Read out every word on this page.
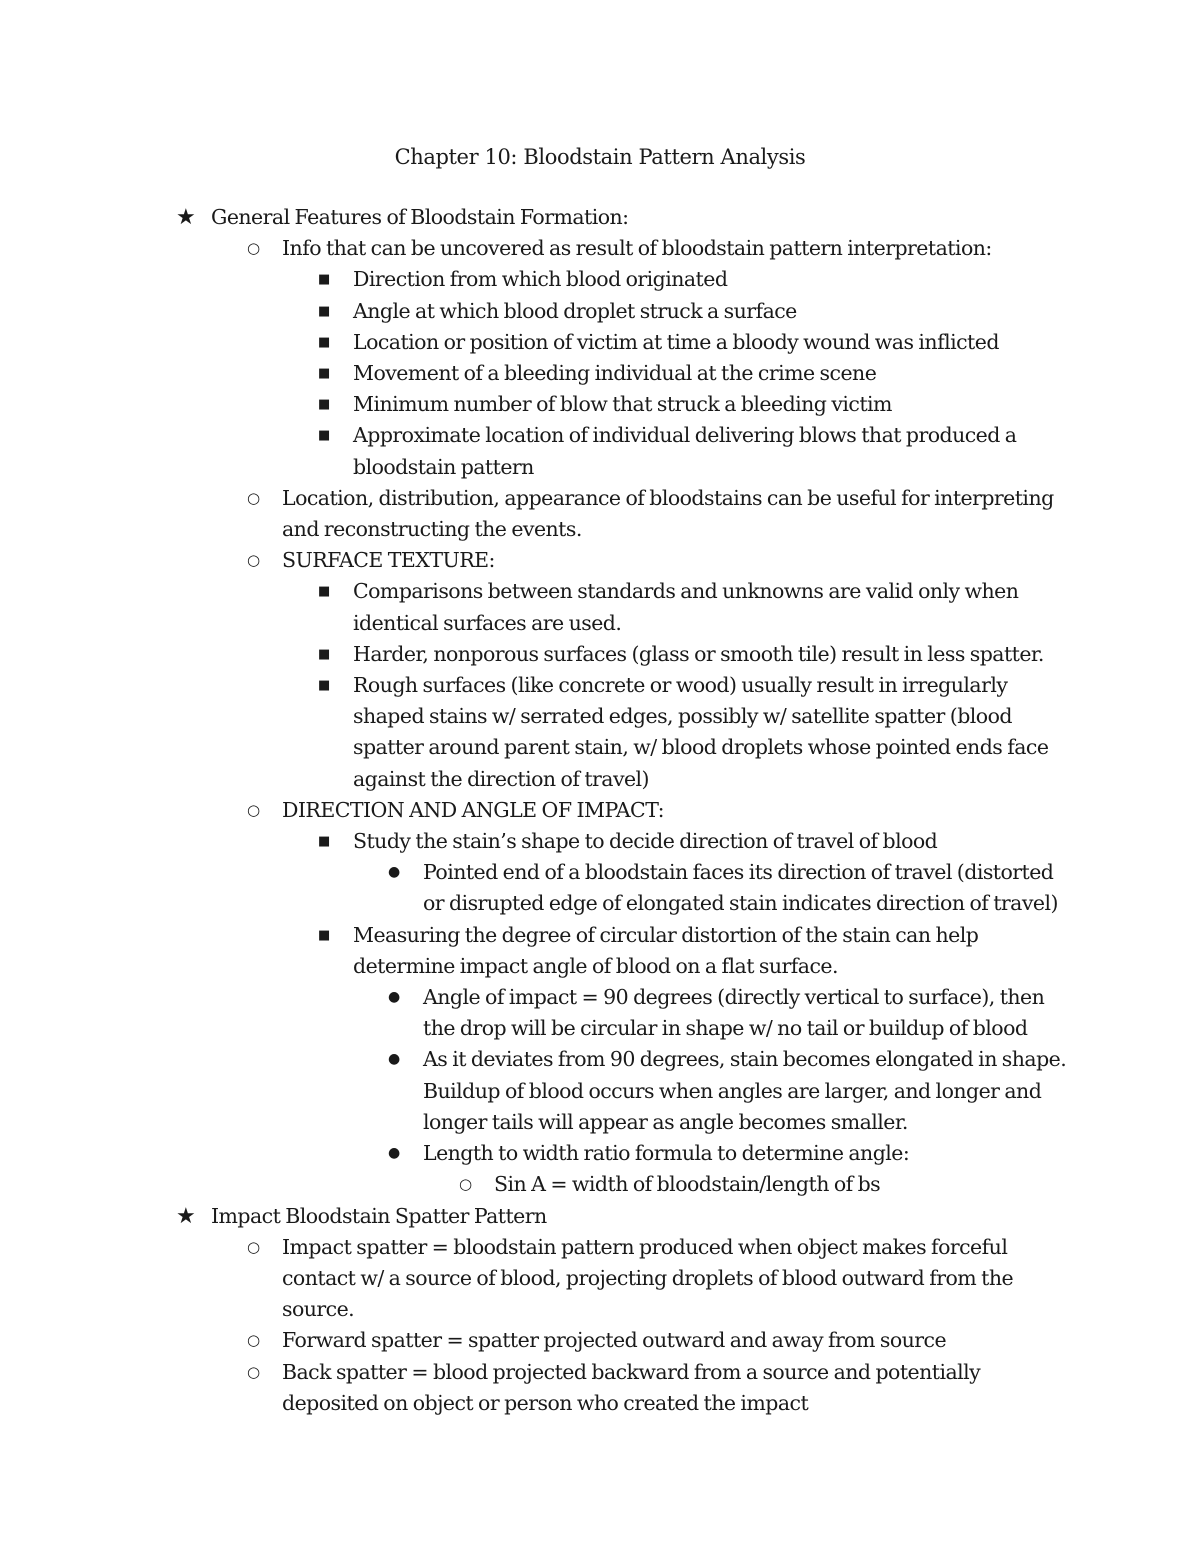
Chapter 10: Bloodstain Pattern Analysis
★ General Features of Bloodstain Formation:
○ Info that can be uncovered as result of bloodstain pattern interpretation:
■ Direction from which blood originated
■ Angle at which blood droplet struck a surface
■ Location or position of victim at time a bloody wound was inflicted
■ Movement of a bleeding individual at the crime scene
■ Minimum number of blow that struck a bleeding victim
■ Approximate location of individual delivering blows that produced a bloodstain pattern
○ Location, distribution, appearance of bloodstains can be useful for interpreting and reconstructing the events.
○ SURFACE TEXTURE:
■ Comparisons between standards and unknowns are valid only when identical surfaces are used.
■ Harder, nonporous surfaces (glass or smooth tile) result in less spatter.
■ Rough surfaces (like concrete or wood) usually result in irregularly shaped stains w/ serrated edges, possibly w/ satellite spatter (blood spatter around parent stain, w/ blood droplets whose pointed ends face against the direction of travel)
○ DIRECTION AND ANGLE OF IMPACT:
■ Study the stain’s shape to decide direction of travel of blood
● Pointed end of a bloodstain faces its direction of travel (distorted or disrupted edge of elongated stain indicates direction of travel)
■ Measuring the degree of circular distortion of the stain can help determine impact angle of blood on a flat surface.
● Angle of impact = 90 degrees (directly vertical to surface), then the drop will be circular in shape w/ no tail or buildup of blood
● As it deviates from 90 degrees, stain becomes elongated in shape. Buildup of blood occurs when angles are larger, and longer and longer tails will appear as angle becomes smaller.
● Length to width ratio formula to determine angle:
○ Sin A = width of bloodstain/length of bs
★ Impact Bloodstain Spatter Pattern
○ Impact spatter = bloodstain pattern produced when object makes forceful contact w/ a source of blood, projecting droplets of blood outward from the source.
○ Forward spatter = spatter projected outward and away from source
○ Back spatter = blood projected backward from a source and potentially deposited on object or person who created the impact
